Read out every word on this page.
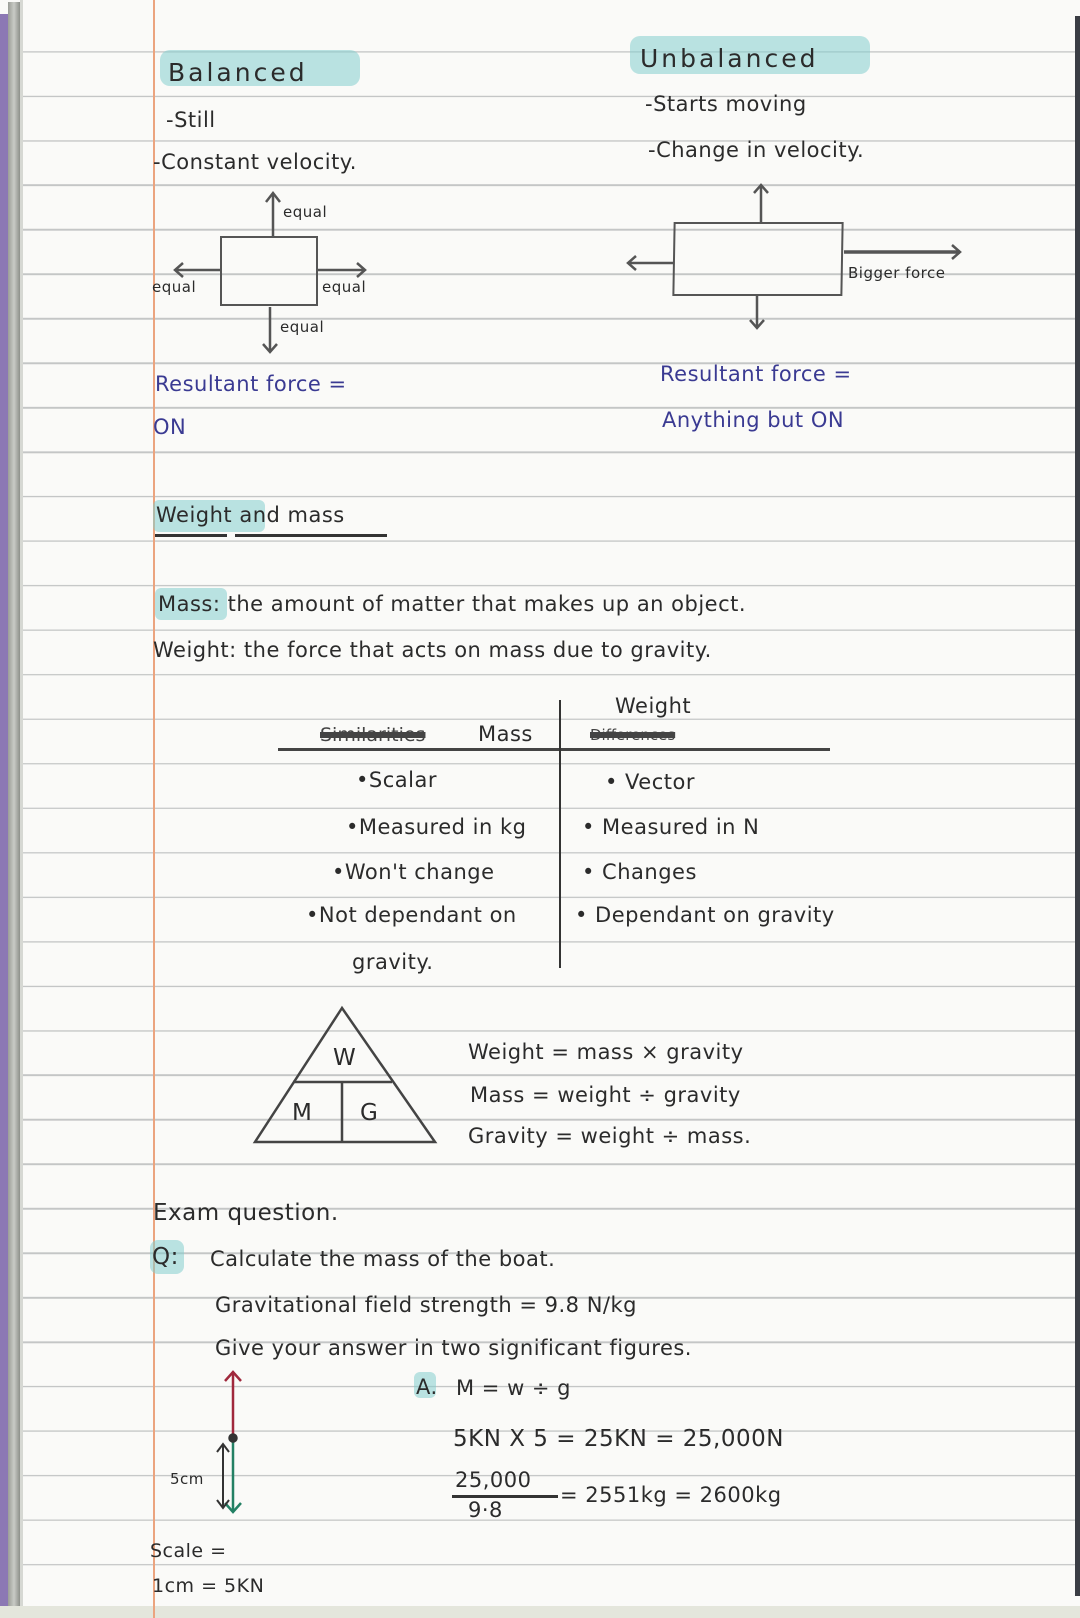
Balanced
-Still
-Constant velocity.
equal
equal	equal
equal
Resultant force =
ON
Unbalanced
-Starts moving
-Change in velocity.
Bigger force
Resultant force =
Anything but ON
Weight and mass
Mass: the amount of matter that makes up an object.
Weight: the force that acts on mass due to gravity.
Similarities	Mass
Weight
Differences
•Scalar
•Measured in kg
•Won't change
•Not dependant on
gravity.
• Vector
• Measured in N
• Changes
• Dependant on gravity
W
M G
Weight = mass × gravity
Mass = weight ÷ gravity
Gravity = weight ÷ mass.
Exam question.
Q: Calculate the mass of the boat.
Gravitational field strength = 9.8 N/kg
Give your answer in two significant figures.
5cm
Scale =
1cm = 5KN
A. M = w ÷ g
5KN X 5 = 25KN = 25,000N
25,000
9·8
= 2551kg = 2600kg
